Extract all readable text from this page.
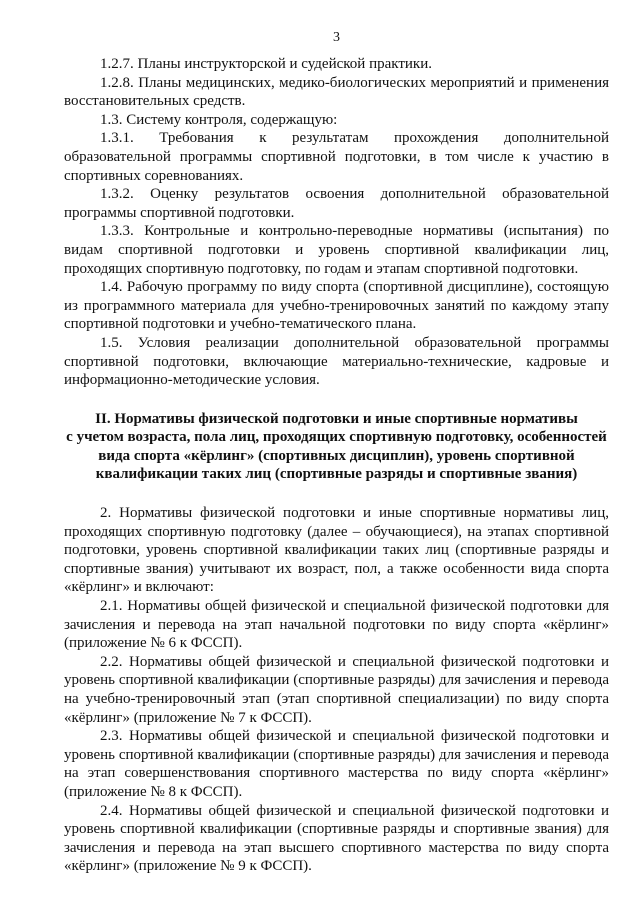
3

1.2.7. Планы инструкторской и судейской практики.

1.2.8. Планы медицинских, медико-биологических мероприятий и применения восстановительных средств.

1.3. Систему контроля, содержащую:

1.3.1. Требования к результатам прохождения дополнительной образовательной программы спортивной подготовки, в том числе к участию в спортивных соревнованиях.

1.3.2. Оценку результатов освоения дополнительной образовательной программы спортивной подготовки.

1.3.3. Контрольные и контрольно-переводные нормативы (испытания) по видам спортивной подготовки и уровень спортивной квалификации лиц, проходящих спортивную подготовку, по годам и этапам спортивной подготовки.

1.4. Рабочую программу по виду спорта (спортивной дисциплине), состоящую из программного материала для учебно-тренировочных занятий по каждому этапу спортивной подготовки и учебно-тематического плана.

1.5. Условия реализации дополнительной образовательной программы спортивной подготовки, включающие материально-технические, кадровые и информационно-методические условия.

II. Нормативы физической подготовки и иные спортивные нормативы
с учетом возраста, пола лиц, проходящих спортивную подготовку, особенностей
вида спорта «кёрлинг» (спортивных дисциплин), уровень спортивной
квалификации таких лиц (спортивные разряды и спортивные звания)

2. Нормативы физической подготовки и иные спортивные нормативы лиц, проходящих спортивную подготовку (далее – обучающиеся), на этапах спортивной подготовки, уровень спортивной квалификации таких лиц (спортивные разряды и спортивные звания) учитывают их возраст, пол, а также особенности вида спорта «кёрлинг» и включают:

2.1. Нормативы общей физической и специальной физической подготовки для зачисления и перевода на этап начальной подготовки по виду спорта «кёрлинг» (приложение № 6 к ФССП).

2.2. Нормативы общей физической и специальной физической подготовки и уровень спортивной квалификации (спортивные разряды) для зачисления и перевода на учебно-тренировочный этап (этап спортивной специализации) по виду спорта «кёрлинг» (приложение № 7 к ФССП).

2.3. Нормативы общей физической и специальной физической подготовки и уровень спортивной квалификации (спортивные разряды) для зачисления и перевода на этап совершенствования спортивного мастерства по виду спорта «кёрлинг» (приложение № 8 к ФССП).

2.4. Нормативы общей физической и специальной физической подготовки и уровень спортивной квалификации (спортивные разряды и спортивные звания) для зачисления и перевода на этап высшего спортивного мастерства по виду спорта «кёрлинг» (приложение № 9 к ФССП).
